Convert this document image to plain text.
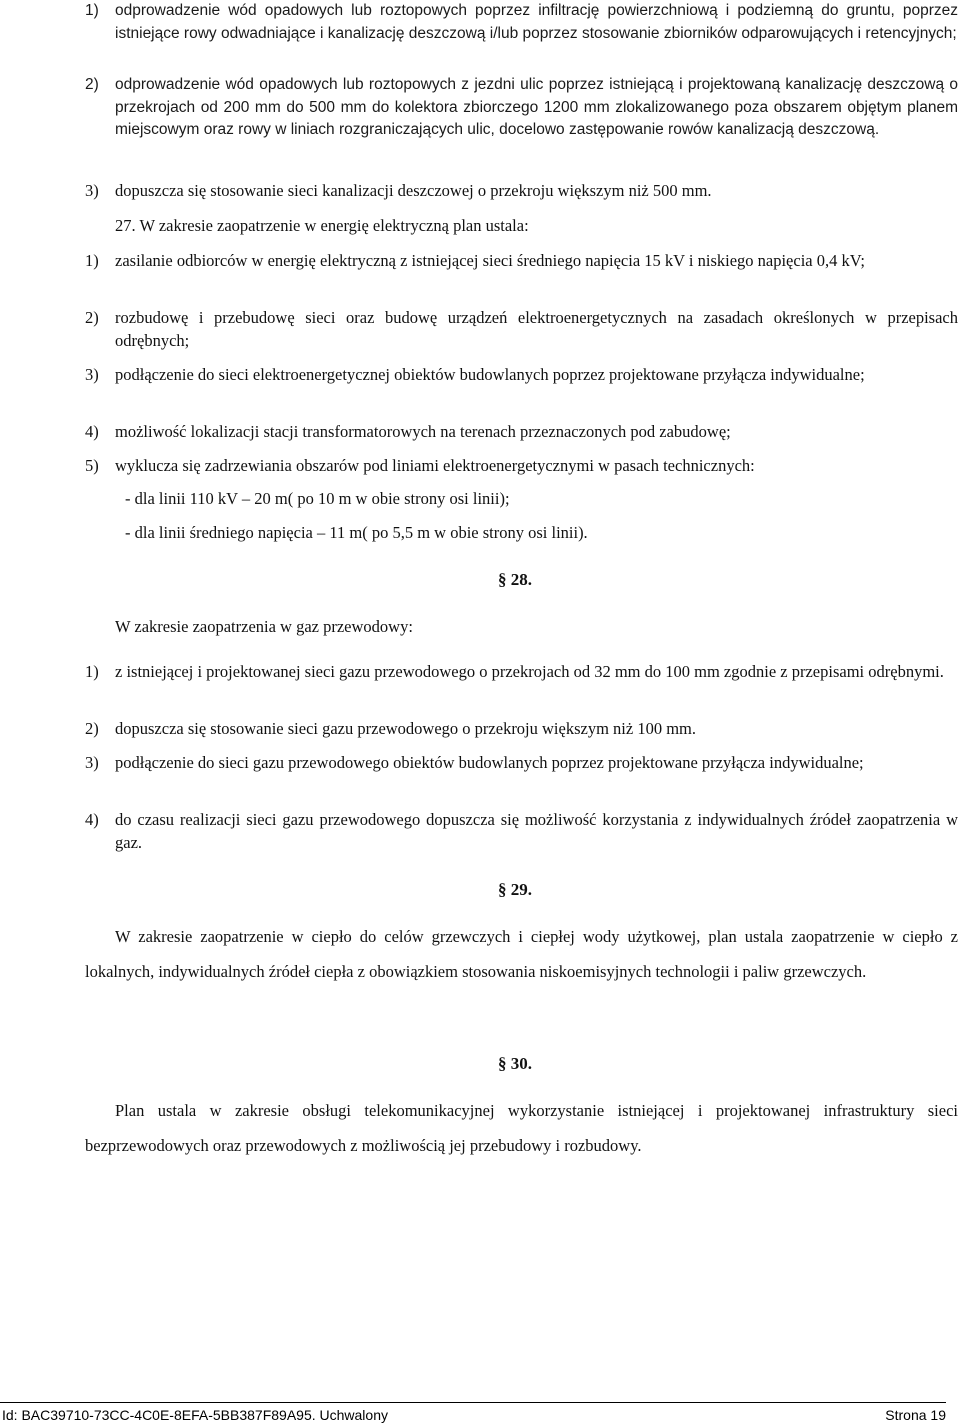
1)	odprowadzenie wód opadowych lub roztopowych poprzez infiltrację powierzchniową i podziemną do gruntu, poprzez istniejące rowy odwadniające i kanalizację deszczową i/lub poprzez stosowanie zbiorników odparowujących i retencyjnych;
2)	odprowadzenie wód opadowych lub roztopowych z jezdni ulic poprzez istniejącą i projektowaną kanalizację deszczową o przekrojach od 200 mm do 500 mm do kolektora zbiorczego 1200 mm zlokalizowanego poza obszarem objętym planem miejscowym oraz rowy w liniach rozgraniczających ulic, docelowo zastępowanie rowów kanalizacją deszczową.
3) dopuszcza się stosowanie sieci kanalizacji deszczowej o przekroju większym niż 500 mm.
27. W zakresie zaopatrzenie w energię elektryczną plan ustala:
1) zasilanie odbiorców w energię elektryczną z istniejącej sieci średniego napięcia 15 kV i niskiego napięcia 0,4 kV;
2) rozbudowę i przebudowę sieci oraz budowę urządzeń elektroenergetycznych na zasadach określonych w przepisach odrębnych;
3) podłączenie do sieci elektroenergetycznej obiektów budowlanych poprzez projektowane przyłącza indywidualne;
4) możliwość lokalizacji stacji transformatorowych na terenach przeznaczonych pod zabudowę;
5) wyklucza się zadrzewiania obszarów pod liniami elektroenergetycznymi w pasach technicznych:
- dla linii 110 kV – 20 m( po 10 m w obie strony osi linii);
- dla linii średniego napięcia – 11 m( po 5,5 m w obie strony osi linii).
§ 28.
W zakresie zaopatrzenia w gaz przewodowy:
1) z istniejącej i projektowanej sieci gazu przewodowego o przekrojach od 32 mm do 100 mm zgodnie z przepisami odrębnymi.
2) dopuszcza się stosowanie sieci gazu przewodowego o przekroju większym niż 100 mm.
3) podłączenie do sieci gazu przewodowego obiektów budowlanych poprzez projektowane przyłącza indywidualne;
4) do czasu realizacji sieci gazu przewodowego dopuszcza się możliwość korzystania z indywidualnych źródeł zaopatrzenia w gaz.
§ 29.
W zakresie zaopatrzenie w ciepło do celów grzewczych i ciepłej wody użytkowej, plan ustala zaopatrzenie w ciepło z lokalnych, indywidualnych źródeł ciepła z obowiązkiem stosowania niskoemisyjnych technologii i paliw grzewczych.
§ 30.
Plan ustala w zakresie obsługi telekomunikacyjnej wykorzystanie istniejącej i projektowanej infrastruktury sieci bezprzewodowych oraz przewodowych z możliwością jej przebudowy i rozbudowy.
Id: BAC39710-73CC-4C0E-8EFA-5BB387F89A95. Uchwalony	Strona 19
